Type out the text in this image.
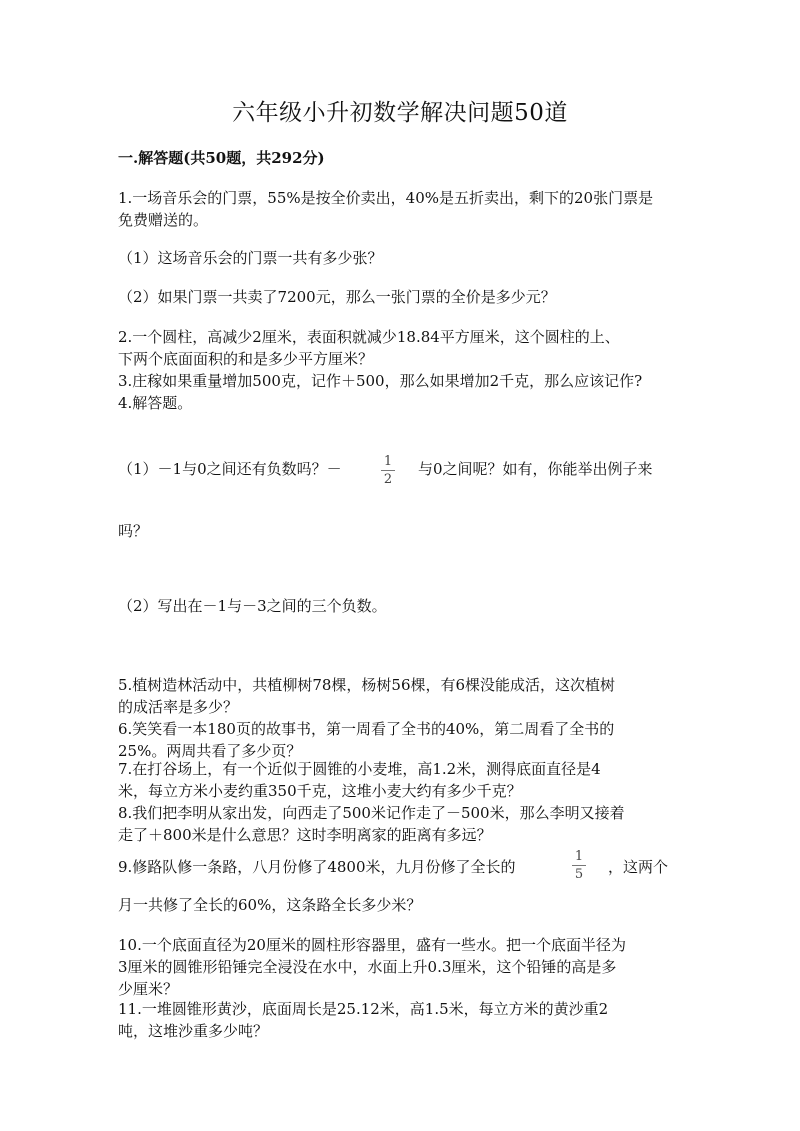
六年级小升初数学解决问题50道
一.解答题(共50题，共292分)
1.一场音乐会的门票，55%是按全价卖出，40%是五折卖出，剩下的20张门票是
免费赠送的。
（1）这场音乐会的门票一共有多少张？
（2）如果门票一共卖了7200元，那么一张门票的全价是多少元？
2.一个圆柱，高减少2厘米，表面积就减少18.84平方厘米，这个圆柱的上、
下两个底面面积的和是多少平方厘米？
3.庄稼如果重量增加500克，记作＋500，那么如果增加2千克，那么应该记作?
4.解答题。
（1）－1与0之间还有负数吗？－	1
2
与0之间呢？如有，你能举出例子来
吗？
（2）写出在－1与－3之间的三个负数。
5.植树造林活动中，共植柳树78棵，杨树56棵，有6棵没能成活，这次植树
的成活率是多少？
6.笑笑看一本180页的故事书，第一周看了全书的40%，第二周看了全书的
25%。两周共看了多少页？
7.在打谷场上，有一个近似于圆锥的小麦堆，高1.2米，测得底面直径是4
米，每立方米小麦约重350千克，这堆小麦大约有多少千克？
8.我们把李明从家出发，向西走了500米记作走了－500米，那么李明又接着
走了＋800米是什么意思？这时李明离家的距离有多远？
9.修路队修一条路，八月份修了4800米，九月份修了全长的
1
5	，这两个
月一共修了全长的60%，这条路全长多少米？
10.一个底面直径为20厘米的圆柱形容器里，盛有一些水。把一个底面半径为
3厘米的圆锥形铅锤完全浸没在水中，水面上升0.3厘米，这个铅锤的高是多
少厘米？
11.一堆圆锥形黄沙，底面周长是25.12米，高1.5米，每立方米的黄沙重2
吨，这堆沙重多少吨？
